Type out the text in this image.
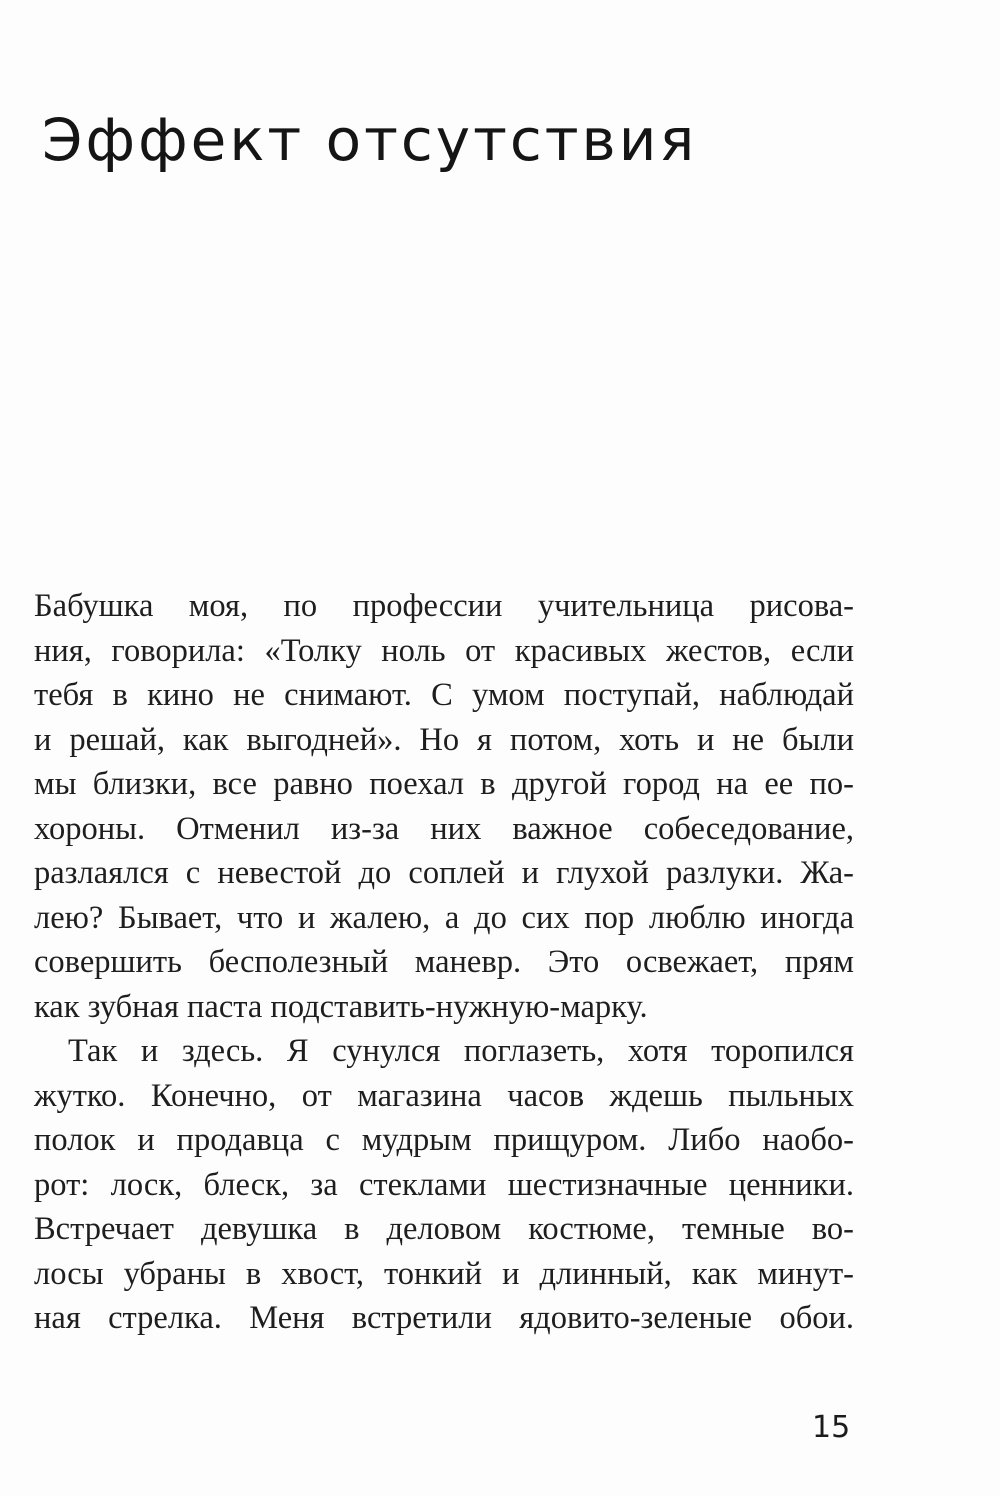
Эффект отсутствия
Бабушка моя, по профессии учительница рисова-
ния, говорила: «Толку ноль от красивых жестов, если
тебя в кино не снимают. С умом поступай, наблюдай
и решай, как выгодней». Но я потом, хоть и не были
мы близки, все равно поехал в другой город на ее по-
хороны. Отменил из-за них важное собеседование,
разлаялся с невестой до соплей и глухой разлуки. Жа-
лею? Бывает, что и жалею, а до сих пор люблю иногда
совершить бесполезный маневр. Это освежает, прям
как зубная паста подставить-нужную-марку.
Так и здесь. Я сунулся поглазеть, хотя торопился
жутко. Конечно, от магазина часов ждешь пыльных
полок и продавца с мудрым прищуром. Либо наобо-
рот: лоск, блеск, за стеклами шестизначные ценники.
Встречает девушка в деловом костюме, темные во-
лосы убраны в хвост, тонкий и длинный, как минут-
ная стрелка. Меня встретили ядовито-зеленые обои.
15
